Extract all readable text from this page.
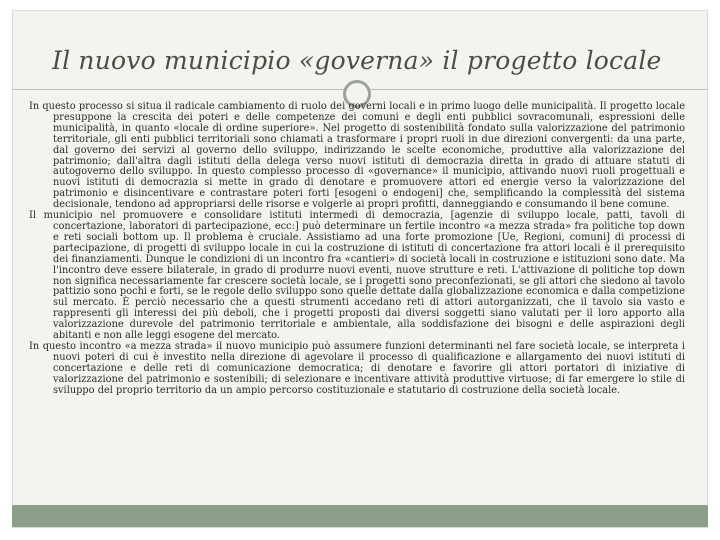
Il nuovo municipio «governa» il progetto locale

In questo processo si situa il radicale cambiamento di ruolo dei governi locali e in primo luogo delle municipalità. Il progetto locale presuppone la crescita dei poteri e delle competenze dei comuni e degli enti pubblici sovracomunali, espressioni delle municipalità, in quanto «locale di ordine superiore». Nel progetto di sostenibilità fondato sulla valorizzazione del patrimonio territoriale, gli enti pubblici territoriali sono chiamati a trasformare i propri ruoli in due direzioni convergenti: da una parte, dal governo dei servizi al governo dello sviluppo, indirizzando le scelte economiche, produttive alla valorizzazione del patrimonio; dall'altra dagli istituti della delega verso nuovi istituti di democrazia diretta in grado di attuare statuti di autogoverno dello sviluppo. In questo complesso processo di «governance» il municipio, attivando nuovi ruoli progettuali e nuovi istituti di democrazia si mette in grado di denotare e promuovere attori ed energie verso la valorizzazione del patrimonio e disincentivare e contrastare poteri forti [esogeni o endogeni] che, semplificando la complessità del sistema decisionale, tendono ad appropriarsi delle risorse e volgerle ai propri profitti, danneggiando e consumando il bene comune.

Il municipio nel promuovere e consolidare istituti intermedi di democrazia, [agenzie di sviluppo locale, patti, tavoli di concertazione, laboratori di partecipazione, ecc:] può determinare un fertile incontro «a mezza strada» fra politiche top down e reti sociali bottom up. Il problema è cruciale. Assistiamo ad una forte promozione [Ue, Regioni, comuni] di processi di partecipazione, di progetti di sviluppo locale in cui la costruzione di istituti di concertazione fra attori locali è il prerequisito dei finanziamenti. Dunque le condizioni di un incontro fra «cantieri» di società locali in costruzione e istituzioni sono date. Ma l'incontro deve essere bilaterale, in grado di produrre nuovi eventi, nuove strutture e reti. L'attivazione di politiche top down non significa necessariamente far crescere società locale, se i progetti sono preconfezionati, se gli attori che siedono al tavolo pattizio sono pochi e forti, se le regole dello sviluppo sono quelle dettate dalla globalizzazione economica e dalla competizione sul mercato. È perciò necessario che a questi strumenti accedano reti di attori autorganizzati, che il tavolo sia vasto e rappresenti gli interessi dei più deboli, che i progetti proposti dai diversi soggetti siano valutati per il loro apporto alla valorizzazione durevole del patrimonio territoriale e ambientale, alla soddisfazione dei bisogni e delle aspirazioni degli abitanti e non alle leggi esogene del mercato.

In questo incontro «a mezza strada» il nuovo municipio può assumere funzioni determinanti nel fare società locale, se interpreta i nuovi poteri di cui è investito nella direzione di agevolare il processo di qualificazione e allargamento dei nuovi istituti di concertazione e delle reti di comunicazione democratica; di denotare e favorire gli attori portatori di iniziative di valorizzazione del patrimonio e sostenibili; di selezionare e incentivare attività produttive virtuose; di far emergere lo stile di sviluppo del proprio territorio da un ampio percorso costituzionale e statutario di costruzione della società locale.
